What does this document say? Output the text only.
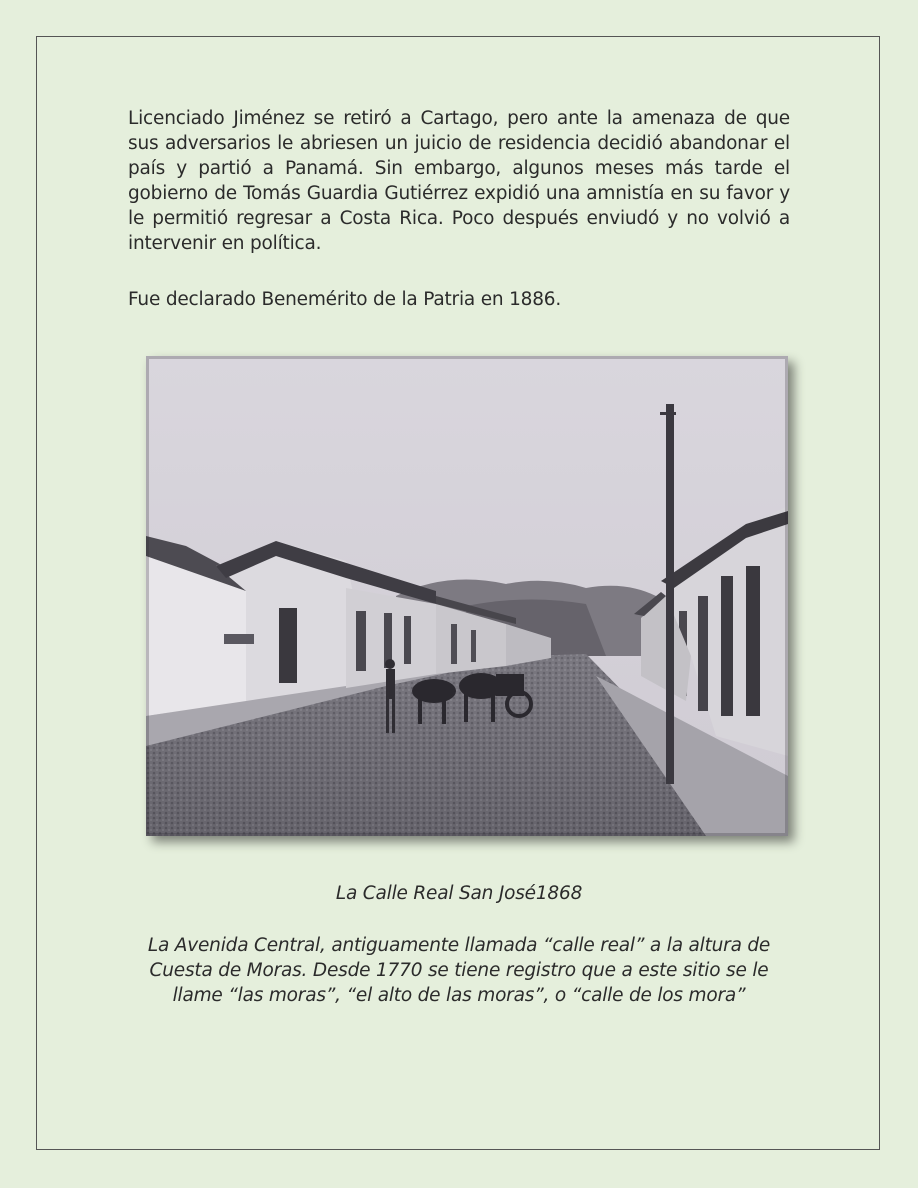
Licenciado Jiménez se retiró a Cartago, pero ante la amenaza de que sus adversarios le abriesen un juicio de residencia decidió abandonar el país y partió a Panamá. Sin embargo, algunos meses más tarde el gobierno de Tomás Guardia Gutiérrez expidió una amnistía en su favor y le permitió regresar a Costa Rica. Poco después enviudó y no volvió a intervenir en política.

Fue declarado Benemérito de la Patria en 1886.

La Calle Real San José1868

La Avenida Central, antiguamente llamada “calle real” a la altura de Cuesta de Moras. Desde 1770 se tiene registro que a este sitio se le llame “las moras”, “el alto de las moras”, o “calle de los mora”
